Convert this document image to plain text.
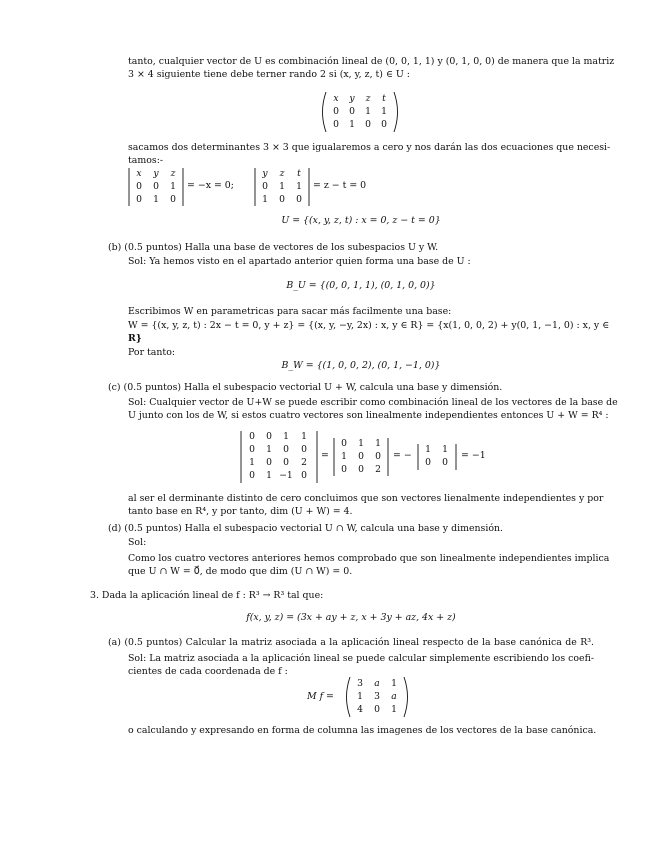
tanto, cualquier vector de U es combinación lineal de (0, 0, 1, 1) y (0, 1, 0, 0) de manera que la matriz
3 × 4 siguiente tiene debe terner rando 2 si (x, y, z, t) ∈ U :
x	y	z	t
0	0	1	1
0	1	0	0
sacamos dos determinantes 3 × 3 que igualaremos a cero y nos darán las dos ecuaciones que necesi-
tamos:-
x	y	z
0	0	1
0	1	0
= −x = 0;
y	z	t
0	1	1
1	0	0
= z − t = 0
U = {(x, y, z, t) : x = 0, z − t = 0}
(b) (0.5 puntos) Halla una base de vectores de los subespacios U y W.
Sol: Ya hemos visto en el apartado anterior quien forma una base de U :
B_U = {(0, 0, 1, 1), (0, 1, 0, 0)}
Escribimos W en parametricas para sacar más facilmente una base:
W = {(x, y, z, t) : 2x − t = 0, y + z} = {(x, y, −y, 2x) : x, y ∈ R} = {x(1, 0, 0, 2) + y(0, 1, −1, 0) : x, y ∈
R}
Por tanto:
B_W = {(1, 0, 0, 2), (0, 1, −1, 0)}
(c) (0.5 puntos) Halla el subespacio vectorial U + W, calcula una base y dimensión.
Sol: Cualquier vector de U+W se puede escribir como combinación lineal de los vectores de la base de
U junto con los de W, si estos cuatro vectores son linealmente independientes entonces U + W = R⁴ :
0	0	1	1
0	1	0	0
1	0	0	2
0	1 −1 0
=
0	1	1
1	0	0
0	0	2
= −
1	1
0	0
= −1
al ser el derminante distinto de cero concluimos que son vectores lienalmente independientes y por
tanto base en R⁴, y por tanto, dim (U + W) = 4.
(d) (0.5 puntos) Halla el subespacio vectorial U ∩ W, calcula una base y dimensión.
Sol:
Como los cuatro vectores anteriores hemos comprobado que son linealmente independientes implica
que U ∩ W = 0⃗, de modo que dim (U ∩ W) = 0.
3. Dada la aplicación lineal de f : R³ → R³ tal que:
f(x, y, z) = (3x + ay + z, x + 3y + az, 4x + z)
(a) (0.5 puntos) Calcular la matriz asociada a la aplicación lineal respecto de la base canónica de R³.
Sol: La matriz asociada a la aplicación lineal se puede calcular simplemente escribiendo los coefi-
cientes de cada coordenada de f :
M f =
3	a	1
1	3	a
4	0	1
o calculando y expresando en forma de columna las imagenes de los vectores de la base canónica.
